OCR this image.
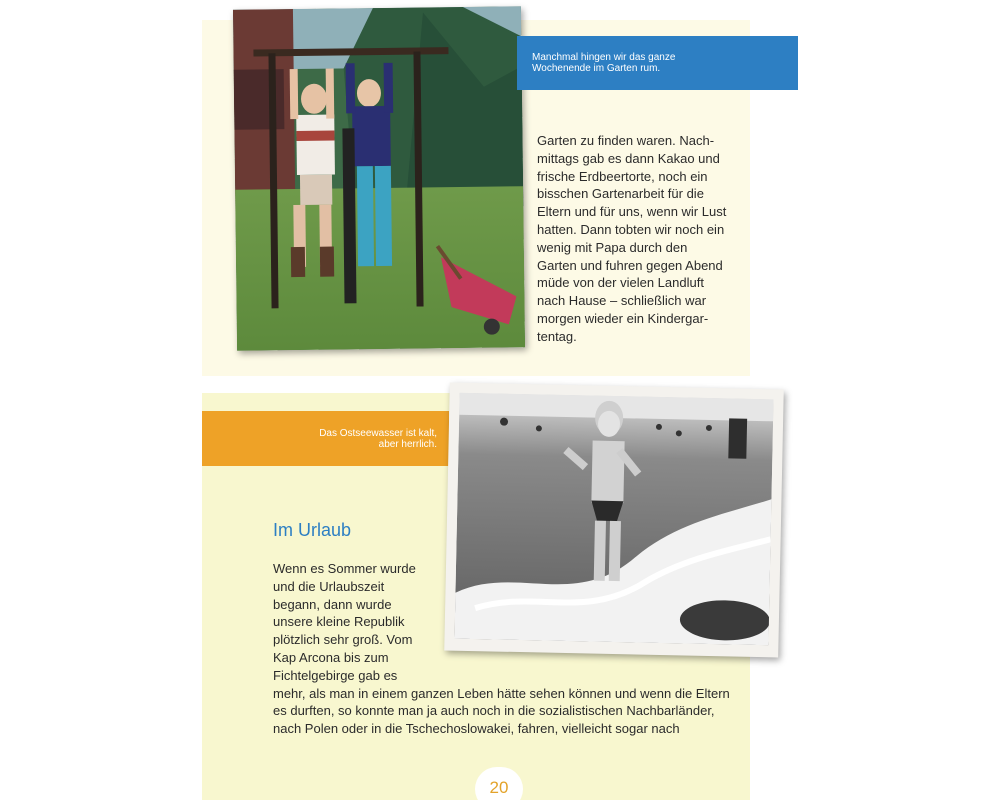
Manchmal hingen wir das ganze
Wochenende im Garten rum.
Garten zu finden waren. Nach-
mittags gab es dann Kakao und
frische Erdbeertorte, noch ein
bisschen Gartenarbeit für die
Eltern und für uns, wenn wir Lust
hatten. Dann tobten wir noch ein
wenig mit Papa durch den
Garten und fuhren gegen Abend
müde von der vielen Landluft
nach Hause – schließlich war
morgen wieder ein Kindergar-
tentag.
Das Ostseewasser ist kalt,
aber herrlich.
Im Urlaub
Wenn es Sommer wurde
und die Urlaubszeit
begann, dann wurde
unsere kleine Republik
plötzlich sehr groß. Vom
Kap Arcona bis zum
Fichtelgebirge gab es
mehr, als man in einem ganzen Leben hätte sehen können und wenn die Eltern
es durften, so konnte man ja auch noch in die sozialistischen Nachbarländer,
nach Polen oder in die Tschechoslowakei, fahren, vielleicht sogar nach
20
